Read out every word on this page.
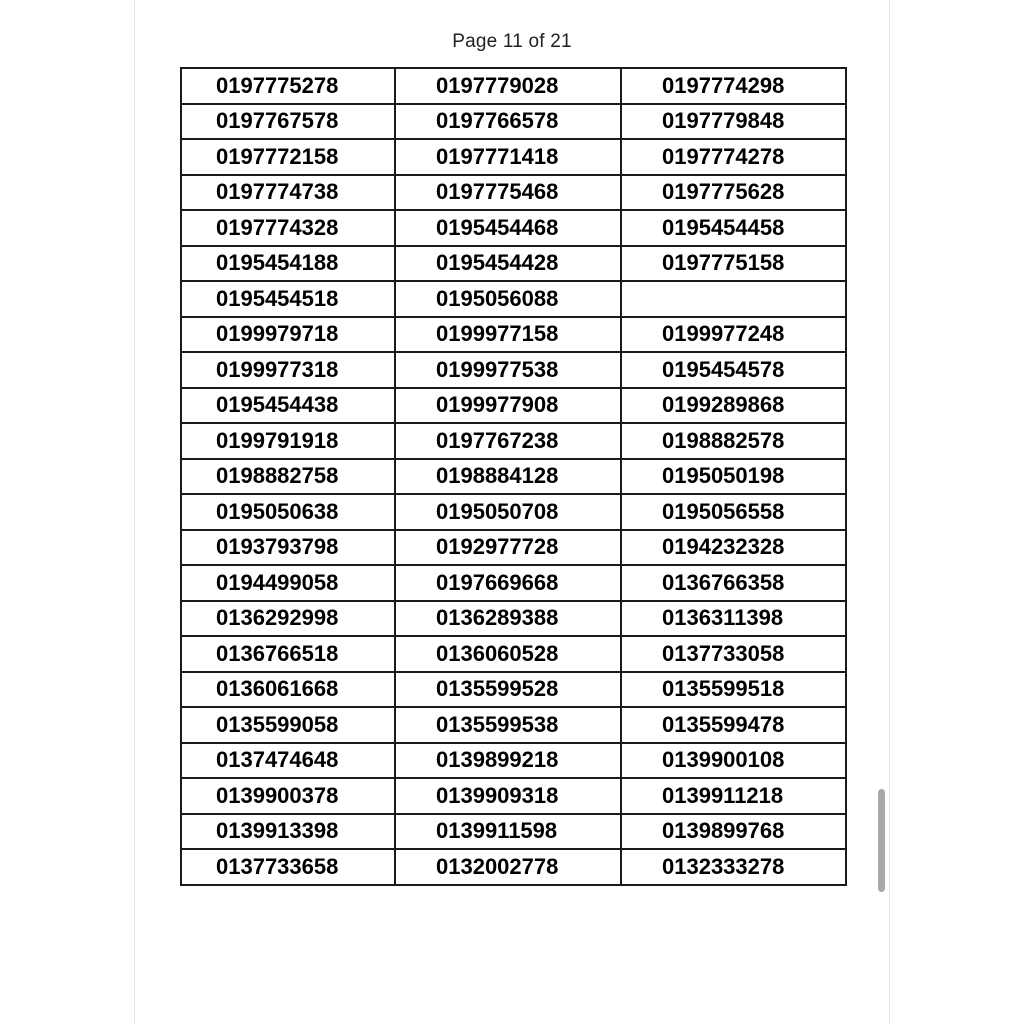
Page 11 of 21
0197775278	0197779028	0197774298
0197767578	0197766578	0197779848
0197772158	0197771418	0197774278
0197774738	0197775468	0197775628
0197774328	0195454468	0195454458
0195454188	0195454428	0197775158
0195454518	0195056088	
0199979718	0199977158	0199977248
0199977318	0199977538	0195454578
0195454438	0199977908	0199289868
0199791918	0197767238	0198882578
0198882758	0198884128	0195050198
0195050638	0195050708	0195056558
0193793798	0192977728	0194232328
0194499058	0197669668	0136766358
0136292998	0136289388	0136311398
0136766518	0136060528	0137733058
0136061668	0135599528	0135599518
0135599058	0135599538	0135599478
0137474648	0139899218	0139900108
0139900378	0139909318	0139911218
0139913398	0139911598	0139899768
0137733658	0132002778	0132333278
